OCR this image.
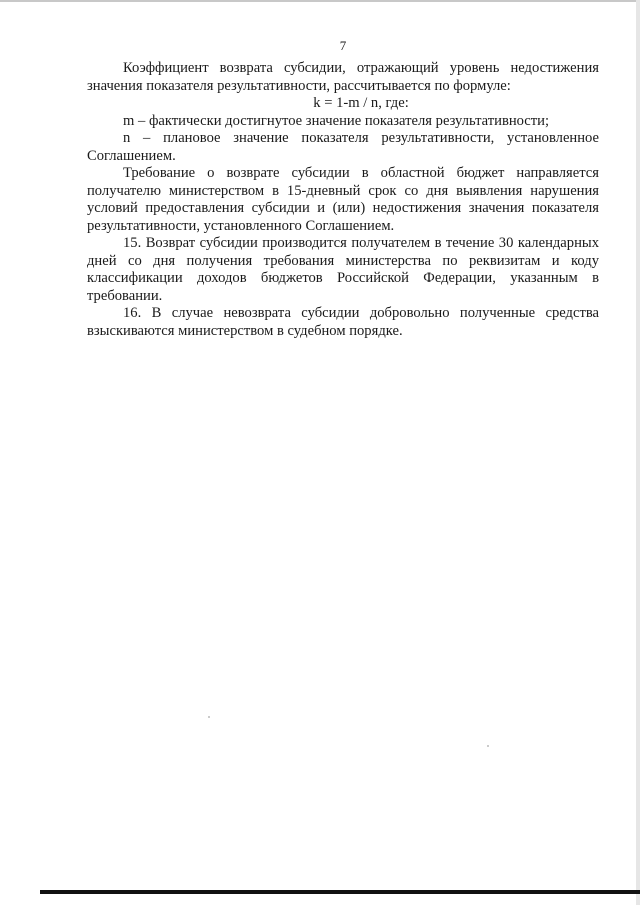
7

Коэффициент возврата субсидии, отражающий уровень недостижения значения показателя результативности, рассчитывается по формуле:

k = 1-m / n, где:

m – фактически достигнутое значение показателя результативности;

n – плановое значение показателя результативности, установленное Соглашением.

Требование о возврате субсидии в областной бюджет направляется получателю министерством в 15-дневный срок со дня выявления нарушения условий предоставления субсидии и (или) недостижения значения показателя результативности, установленного Соглашением.

15. Возврат субсидии производится получателем в течение 30 календарных дней со дня получения требования министерства по реквизитам и коду классификации доходов бюджетов Российской Федерации, указанным в требовании.

16. В случае невозврата субсидии добровольно полученные средства взыскиваются министерством в судебном порядке.
